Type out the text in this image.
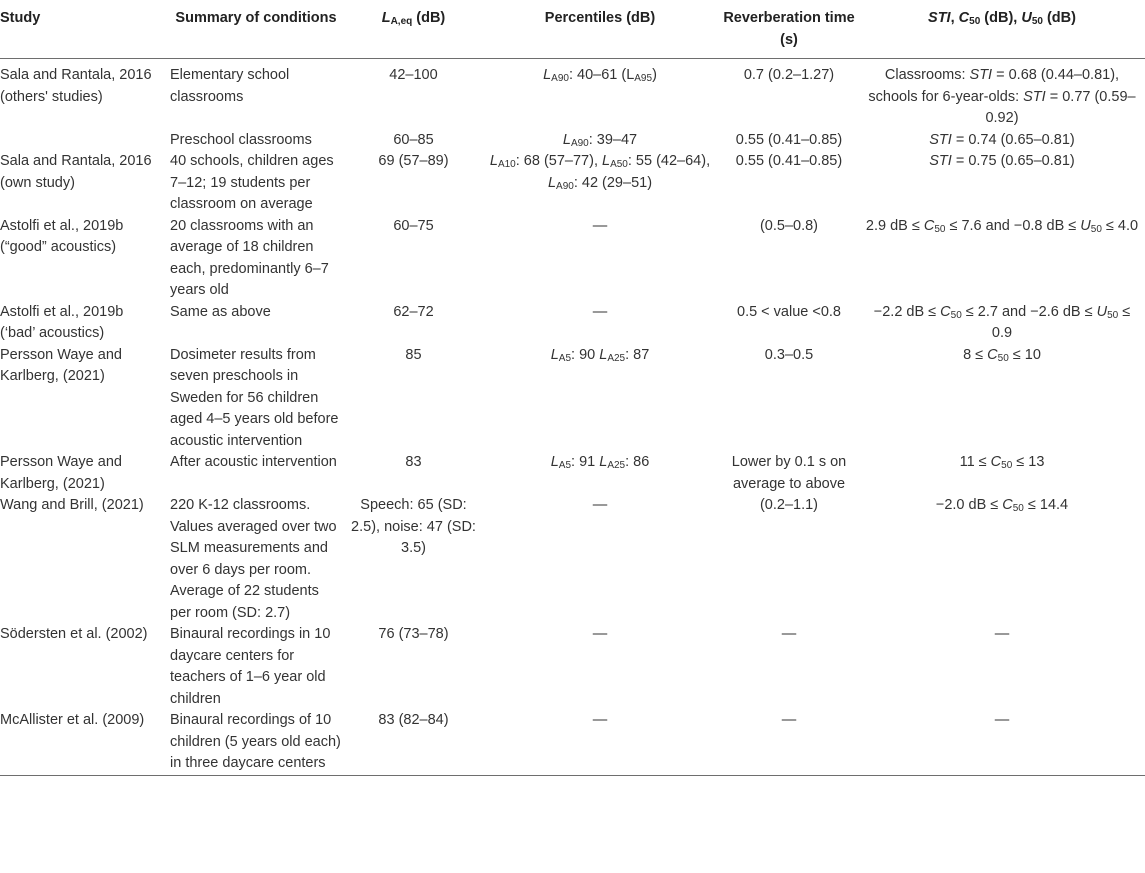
Study	Summary of conditions	$L_{A,eq}$ (dB)	Percentiles (dB)	Reverberation time (s)	STI, $C_{50}$ (dB), $U_{50}$ (dB)
Sala and Rantala, 2016 (others' studies)	Elementary school classrooms	42–100	$L_{A90}$: 40–61 $(L_{A95})$	0.7 (0.2–1.27)	Classrooms: STI = 0.68 (0.44–0.81), schools for 6-year-olds: STI = 0.77 (0.59–0.92)
	Preschool classrooms	60–85	$L_{A90}$: 39–47	0.55 (0.41–0.85)	STI = 0.74 (0.65–0.81)
Sala and Rantala, 2016 (own study)	40 schools, children ages 7–12; 19 students per classroom on average	69 (57–89)	$L_{A10}$: 68 (57–77), $L_{A50}$: 55 (42–64), $L_{A90}$: 42 (29–51)	0.55 (0.41–0.85)	STI = 0.75 (0.65–0.81)
Astolfi et al., 2019b (“good” acoustics)	20 classrooms with an average of 18 children each, predominantly 6–7 years old	60–75	—	(0.5–0.8)	2.9 dB ≤ $C_{50} \le 7.6$ and −0.8 dB ≤ $U_{50} \le 4.0$
Astolfi et al., 2019b (‘bad’ acoustics)	Same as above	62–72	—	0.5 < value <0.8	−2.2 dB ≤ $C_{50} \le 2.7$ and −2.6 dB ≤ $U_{50} \le 0.9$
Persson Waye and Karlberg, (2021)	Dosimeter results from seven preschools in Sweden for 56 children aged 4–5 years old before acoustic intervention	85	$L_{A5}$: 90 $L_{A25}$: 87	0.3–0.5	$8 \le C_{50} \le 10$
Persson Waye and Karlberg, (2021)	After acoustic intervention	83	$L_{A5}$: 91 $L_{A25}$: 86	Lower by 0.1 s on average to above	$11 \le C_{50} \le 13$
Wang and Brill, (2021)	220 K-12 classrooms. Values averaged over two SLM measurements and over 6 days per room. Average of 22 students per room (SD: 2.7)	Speech: 65 (SD: 2.5), noise: 47 (SD: 3.5)	—	(0.2–1.1)	−2.0 dB ≤ $C_{50} \le 14.4$
Södersten et al. (2002)	Binaural recordings in 10 daycare centers for teachers of 1–6 year old children	76 (73–78)	—	—	—
McAllister et al. (2009)	Binaural recordings of 10 children (5 years old each) in three daycare centers	83 (82–84)	—	—	—
